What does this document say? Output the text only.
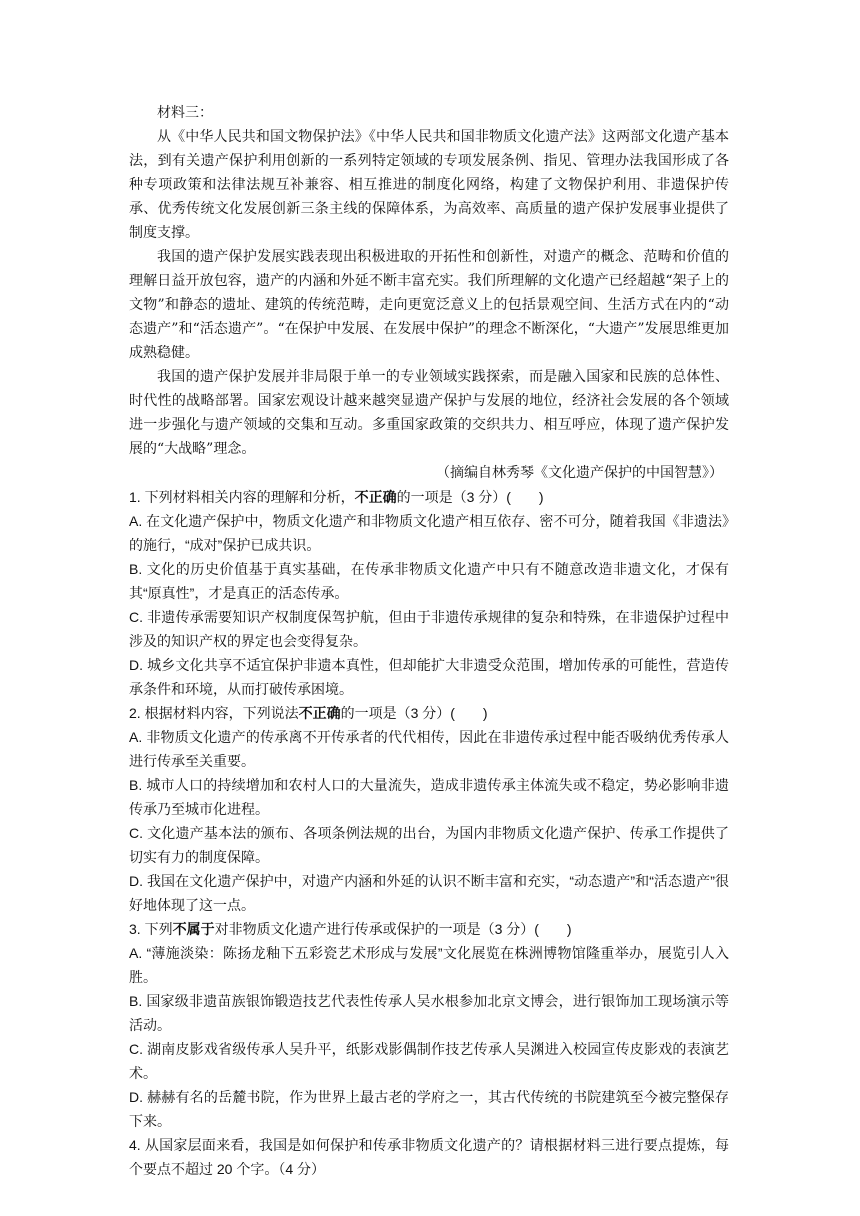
材料三：

从《中华人民共和国文物保护法》《中华人民共和国非物质文化遗产法》这两部文化遗产基本法，到有关遗产保护利用创新的一系列特定领域的专项发展条例、指见、管理办法我国形成了各种专项政策和法律法规互补兼容、相互推进的制度化网络，构建了文物保护利用、非遗保护传承、优秀传统文化发展创新三条主线的保障体系，为高效率、高质量的遗产保护发展事业提供了制度支撑。

我国的遗产保护发展实践表现出积极进取的开拓性和创新性，对遗产的概念、范畴和价值的理解日益开放包容，遗产的内涵和外延不断丰富充实。我们所理解的文化遗产已经超越“架子上的文物”和静态的遗址、建筑的传统范畴，走向更宽泛意义上的包括景观空间、生活方式在内的“动态遗产”和“活态遗产”。“在保护中发展、在发展中保护”的理念不断深化，“大遗产”发展思维更加成熟稳健。

我国的遗产保护发展并非局限于单一的专业领域实践探索，而是融入国家和民族的总体性、时代性的战略部署。国家宏观设计越来越突显遗产保护与发展的地位，经济社会发展的各个领域进一步强化与遗产领域的交集和互动。多重国家政策的交织共力、相互呼应，体现了遗产保护发展的“大战略”理念。

（摘编自林秀琴《文化遗产保护的中国智慧》）

1. 下列材料相关内容的理解和分析，不正确的一项是（3 分）(　　)

A. 在文化遗产保护中，物质文化遗产和非物质文化遗产相互依存、密不可分，随着我国《非遗法》的施行，“成对”保护已成共识。

B. 文化的历史价值基于真实基础，在传承非物质文化遗产中只有不随意改造非遗文化，才保有其“原真性”，才是真正的活态传承。

C. 非遗传承需要知识产权制度保驾护航，但由于非遗传承规律的复杂和特殊，在非遗保护过程中涉及的知识产权的界定也会变得复杂。

D. 城乡文化共享不适宜保护非遗本真性，但却能扩大非遗受众范围，增加传承的可能性，营造传承条件和环境，从而打破传承困境。

2. 根据材料内容，下列说法不正确的一项是（3 分）(　　)

A. 非物质文化遗产的传承离不开传承者的代代相传，因此在非遗传承过程中能否吸纳优秀传承人进行传承至关重要。

B. 城市人口的持续增加和农村人口的大量流失，造成非遗传承主体流失或不稳定，势必影响非遗传承乃至城市化进程。

C. 文化遗产基本法的颁布、各项条例法规的出台，为国内非物质文化遗产保护、传承工作提供了切实有力的制度保障。

D. 我国在文化遗产保护中，对遗产内涵和外延的认识不断丰富和充实，“动态遗产”和“活态遗产”很好地体现了这一点。

3. 下列不属于对非物质文化遗产进行传承或保护的一项是（3 分）(　　)

A. “薄施淡染：陈扬龙釉下五彩瓷艺术形成与发展”文化展览在株洲博物馆隆重举办，展览引人入胜。

B. 国家级非遗苗族银饰锻造技艺代表性传承人吴水根参加北京文博会，进行银饰加工现场演示等活动。

C. 湖南皮影戏省级传承人吴升平，纸影戏影偶制作技艺传承人吴渊进入校园宣传皮影戏的表演艺术。

D. 赫赫有名的岳麓书院，作为世界上最古老的学府之一，其古代传统的书院建筑至今被完整保存下来。

4. 从国家层面来看，我国是如何保护和传承非物质文化遗产的？请根据材料三进行要点提炼，每个要点不超过 20 个字。（4 分）
